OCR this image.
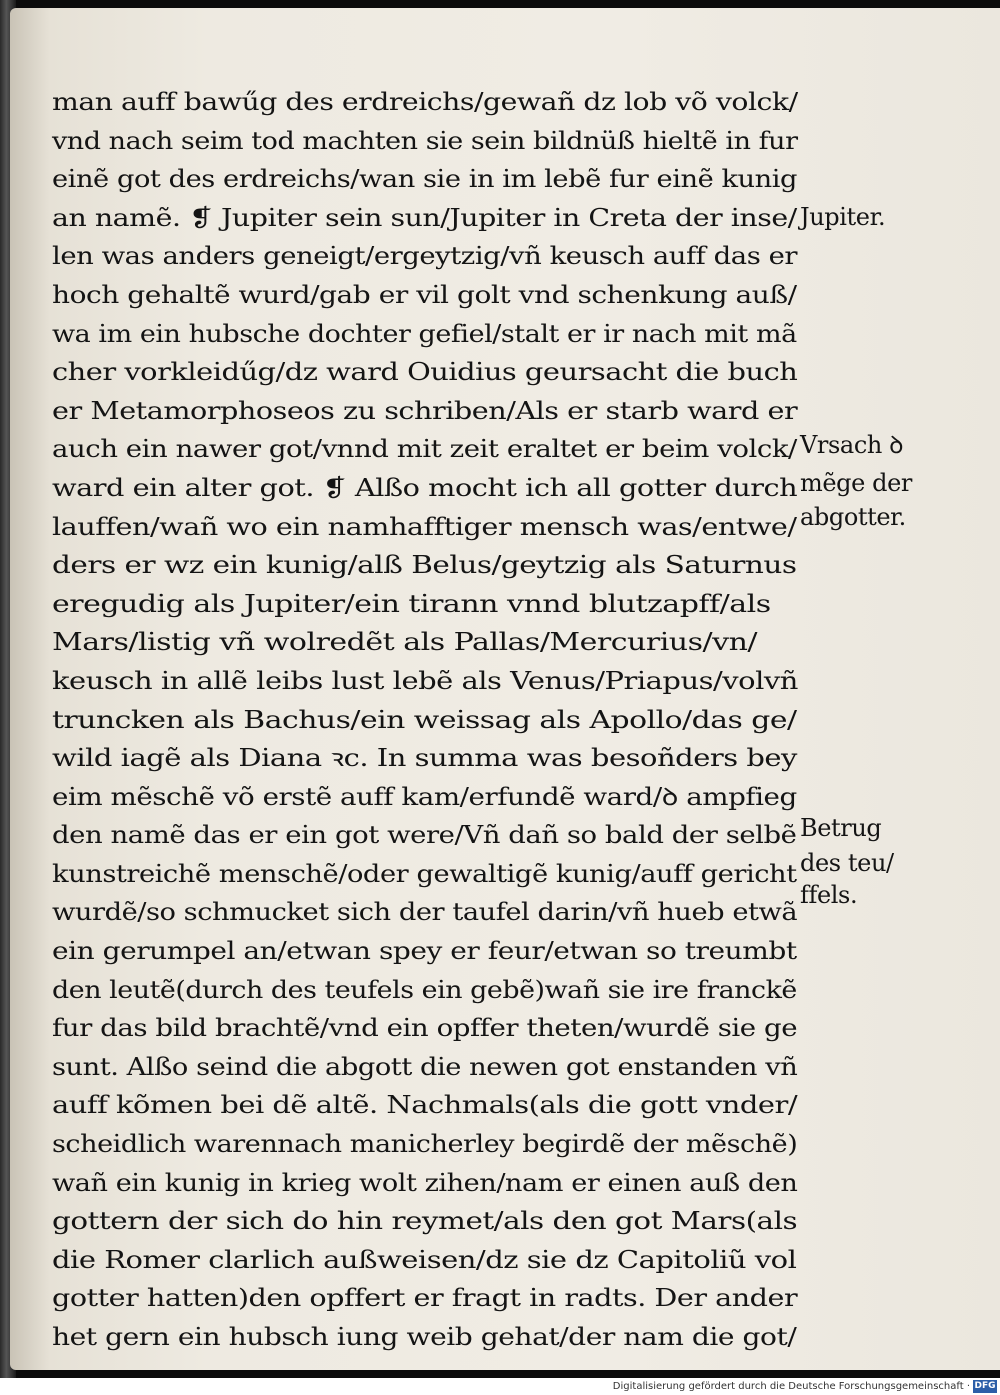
man auff bawűg des erdreichs/gewañ dz lob võ volck/
vnd nach seim tod machten sie sein bildnüß hieltẽ in fur
einẽ got des erdreichs/wan sie in im lebẽ fur einẽ kunig
an namẽ. ❡ Jupiter sein sun/Jupiter in Creta der inse/
len was anders geneigt/ergeytzig/vñ keusch auff das er
hoch gehaltẽ wurd/gab er vil golt vnd schenkung auß/
wa im ein hubsche dochter gefiel/stalt er ir nach mit mã
cher vorkleidűg/dz ward Ouidius geursacht die buch
er Metamorphoseos zu schriben/Als er starb ward er
auch ein nawer got/vnnd mit zeit eraltet er beim volck/
ward ein alter got. ❡ Alßo mocht ich all gotter durch
lauffen/wañ wo ein namhafftiger mensch was/entwe/
ders er wz ein kunig/alß Belus/geytzig als Saturnus
eregudig als Jupiter/ein tirann vnnd blutzapff/als
Mars/listig vñ wolredẽt als Pallas/Mercurius/vn/
keusch in allẽ leibs lust lebẽ als Venus/Priapus/volvñ
truncken als Bachus/ein weissag als Apollo/das ge/
wild iagẽ als Diana ꝛc. In summa was besoñders bey
eim mẽschẽ võ erstẽ auff kam/erfundẽ ward/ꝺ ampfieg
den namẽ das er ein got were/Vñ dañ so bald der selbẽ
kunstreichẽ menschẽ/oder gewaltigẽ kunig/auff gericht
wurdẽ/so schmucket sich der taufel darin/vñ hueb etwã
ein gerumpel an/etwan spey er feur/etwan so treumbt
den leutẽ(durch des teufels ein gebẽ)wañ sie ire franckẽ
fur das bild brachtẽ/vnd ein opffer theten/wurdẽ sie ge
sunt. Alßo seind die abgott die newen got enstanden vñ
auff kõmen bei dẽ altẽ. Nachmals(als die gott vnder/
scheidlich warennach manicherley begirdẽ der mẽschẽ)
wañ ein kunig in krieg wolt zihen/nam er einen auß den
gottern der sich do hin reymet/als den got Mars(als
die Romer clarlich außweisen/dz sie dz Capitoliũ vol
gotter hatten)den opffert er fragt in radts. Der ander
het gern ein hubsch iung weib gehat/der nam die got/
Jupiter.
Vrsach ꝺ
mẽge der
abgotter.
Betrug
des teu/
ffels.
Digitalisierung gefördert durch die Deutsche Forschungsgemeinschaft · DFG
